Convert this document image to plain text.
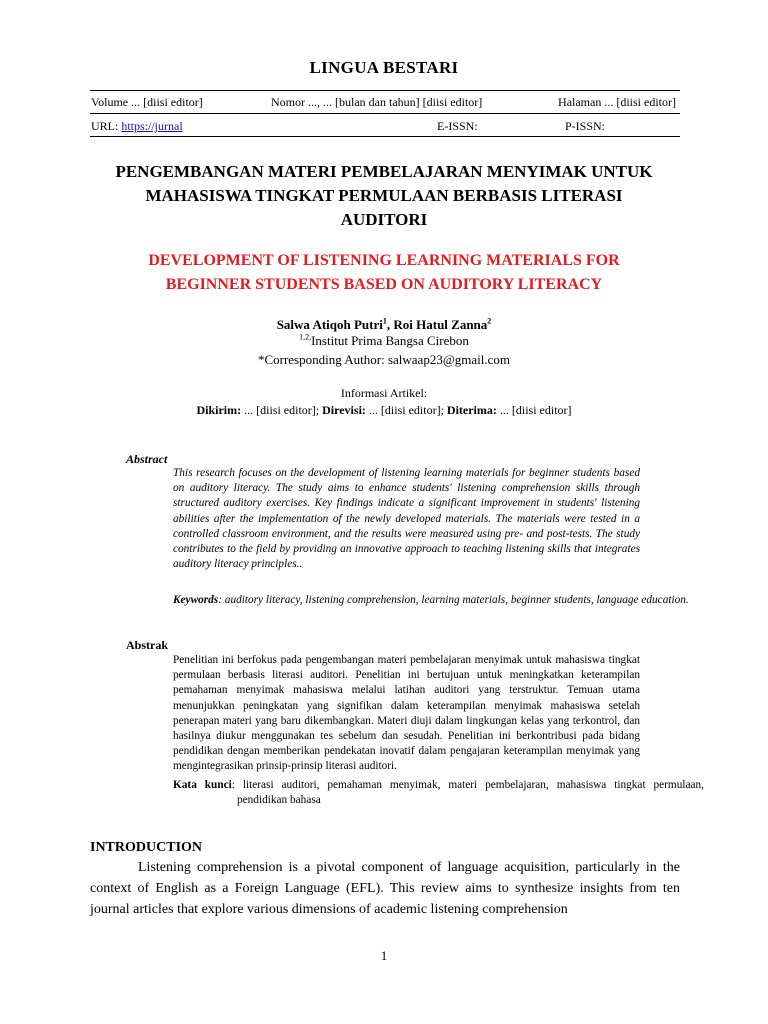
LINGUA BESTARI
Volume ... [diisi editor]	Nomor ..., ... [bulan dan tahun] [diisi editor]	Halaman ... [diisi editor]
URL: https://jurnal	E-ISSN:	P-ISSN:
PENGEMBANGAN MATERI PEMBELAJARAN MENYIMAK UNTUK
MAHASISWA TINGKAT PERMULAAN BERBASIS LITERASI
AUDITORI
DEVELOPMENT OF LISTENING LEARNING MATERIALS FOR
BEGINNER STUDENTS BASED ON AUDITORY LITERACY
Salwa Atiqoh Putri$^1$, Roi Hatul Zanna$^2$
$^{1,2,}$Institut Prima Bangsa Cirebon
*Corresponding Author: salwaap23@gmail.com
Informasi Artikel:
Dikirim: ... [diisi editor]; Direvisi: ... [diisi editor]; Diterima: ... [diisi editor]
Abstract
This research focuses on the development of listening learning materials for beginner students based on auditory literacy. The study aims to enhance students' listening comprehension skills through structured auditory exercises. Key findings indicate a significant improvement in students' listening abilities after the implementation of the newly developed materials. The materials were tested in a controlled classroom environment, and the results were measured using pre- and post-tests. The study contributes to the field by providing an innovative approach to teaching listening skills that integrates auditory literacy principles..
Keywords: auditory literacy, listening comprehension, learning materials, beginner students, language education.
Abstrak
Penelitian ini berfokus pada pengembangan materi pembelajaran menyimak untuk mahasiswa tingkat permulaan berbasis literasi auditori. Penelitian ini bertujuan untuk meningkatkan keterampilan pemahaman menyimak mahasiswa melalui latihan auditori yang terstruktur. Temuan utama menunjukkan peningkatan yang signifikan dalam keterampilan menyimak mahasiswa setelah penerapan materi yang baru dikembangkan. Materi diuji dalam lingkungan kelas yang terkontrol, dan hasilnya diukur menggunakan tes sebelum dan sesudah. Penelitian ini berkontribusi pada bidang pendidikan dengan memberikan pendekatan inovatif dalam pengajaran keterampilan menyimak yang mengintegrasikan prinsip-prinsip literasi auditori.
Kata kunci: literasi auditori, pemahaman menyimak, materi pembelajaran, mahasiswa tingkat permulaan, pendidikan bahasa
INTRODUCTION
Listening comprehension is a pivotal component of language acquisition, particularly in the context of English as a Foreign Language (EFL). This review aims to synthesize insights from ten journal articles that explore various dimensions of academic listening comprehension
1
